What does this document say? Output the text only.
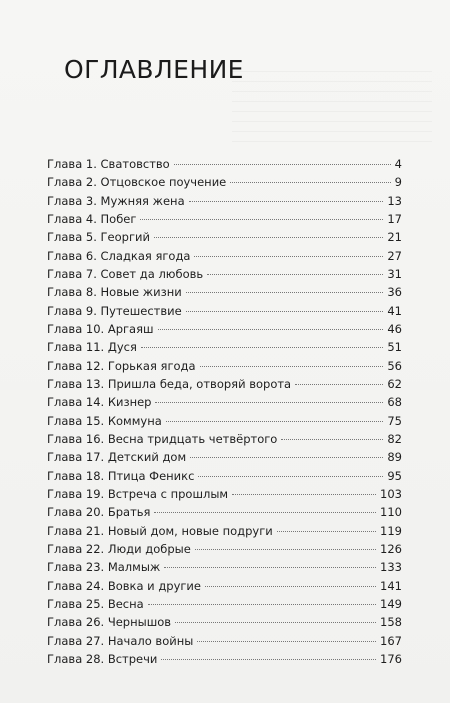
ОГЛАВЛЕНИЕ
Глава 1. Сватовство	4
Глава 2. Отцовское поучение	9
Глава 3. Мужняя жена	13
Глава 4. Побег	17
Глава 5. Георгий	21
Глава 6. Сладкая ягода	27
Глава 7. Совет да любовь	31
Глава 8. Новые жизни	36
Глава 9. Путешествие	41
Глава 10. Аргаяш	46
Глава 11. Дуся	51
Глава 12. Горькая ягода	56
Глава 13. Пришла беда, отворяй ворота	62
Глава 14. Кизнер	68
Глава 15. Коммуна	75
Глава 16. Весна тридцать четвёртого	82
Глава 17. Детский дом	89
Глава 18. Птица Феникс	95
Глава 19. Встреча с прошлым	103
Глава 20. Братья	110
Глава 21. Новый дом, новые подруги	119
Глава 22. Люди добрые	126
Глава 23. Малмыж	133
Глава 24. Вовка и другие	141
Глава 25. Весна	149
Глава 26. Чернышов	158
Глава 27. Начало войны	167
Глава 28. Встречи	176
